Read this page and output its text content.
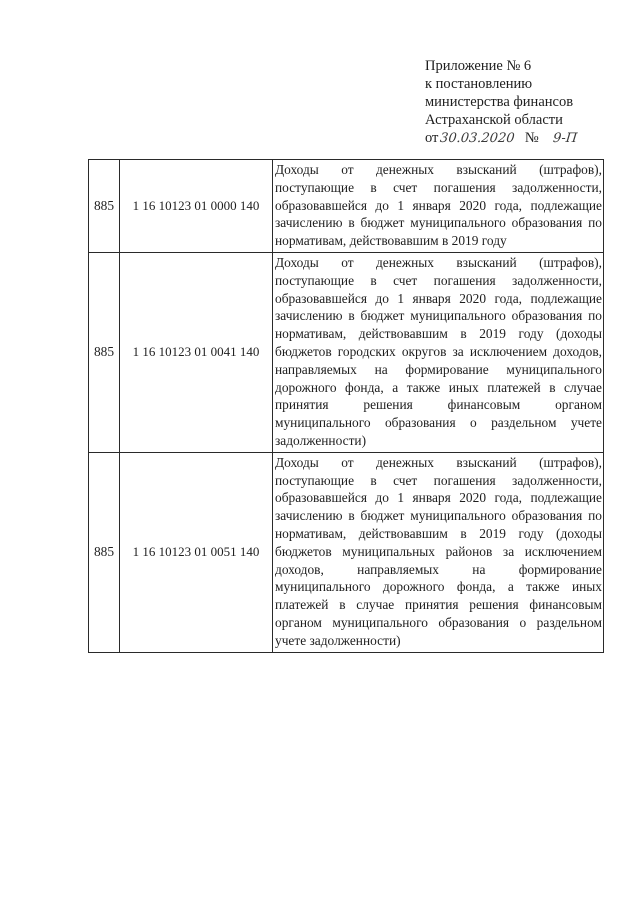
Приложение № 6
к постановлению
министерства финансов
Астраханской области
от30.03.2020 № 9-П
885	1 16 10123 01 0000 140	Доходы от денежных взысканий (штрафов), поступающие в счет погашения задолженности, образовавшейся до 1 января 2020 года, подлежащие зачислению в бюджет муниципального образования по нормативам, действовавшим в 2019 году
885	1 16 10123 01 0041 140	Доходы от денежных взысканий (штрафов), поступающие в счет погашения задолженности, образовавшейся до 1 января 2020 года, подлежащие зачислению в бюджет муниципального образования по нормативам, действовавшим в 2019 году (доходы бюджетов городских округов за исключением доходов, направляемых на формирование муниципального дорожного фонда, а также иных платежей в случае принятия решения финансовым органом муниципального образования о раздельном учете задолженности)
885	1 16 10123 01 0051 140	Доходы от денежных взысканий (штрафов), поступающие в счет погашения задолженности, образовавшейся до 1 января 2020 года, подлежащие зачислению в бюджет муниципального образования по нормативам, действовавшим в 2019 году (доходы бюджетов муниципальных районов за исключением доходов, направляемых на формирование муниципального дорожного фонда, а также иных платежей в случае принятия решения финансовым органом муниципального образования о раздельном учете задолженности)
